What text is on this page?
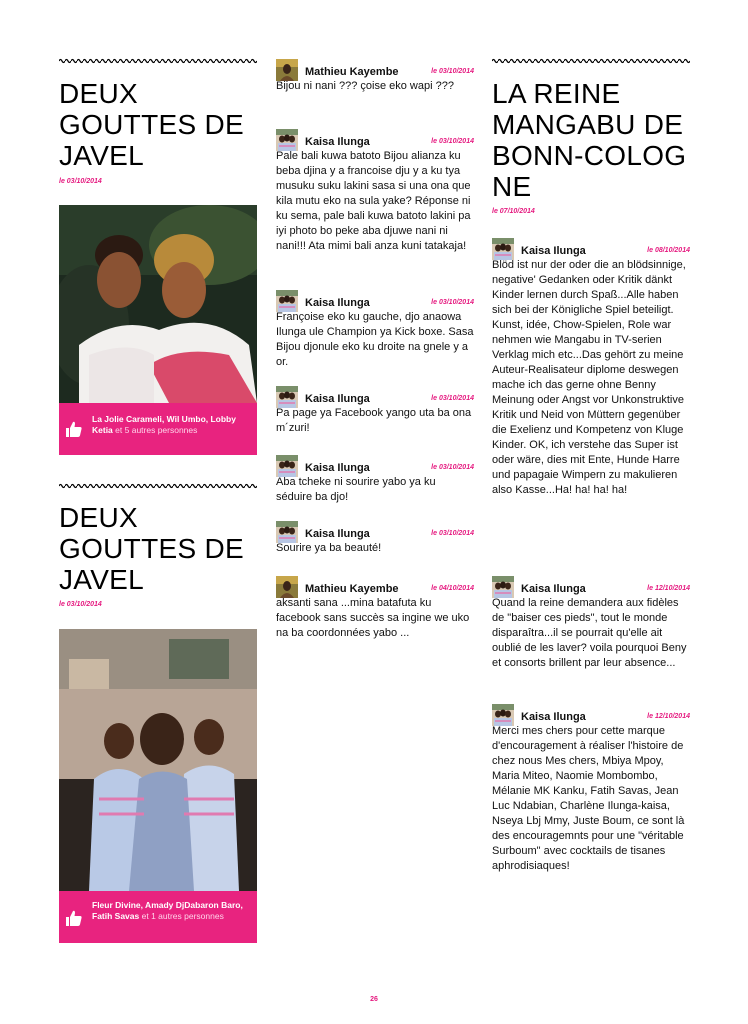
DEUX
GOUTTES DE
JAVEL
le 03/10/2014
La Jolie Carameli, Wil Umbo, Lobby Ketia et 5 autres personnes
DEUX
GOUTTES DE
JAVEL
le 03/10/2014
Fleur Divine, Amady DjDabaron Baro, Fatih Savas et 1 autres personnes
Mathieu Kayembe	le 03/10/2014
Bijou ni nani ??? çoise eko wapi ???
Kaisa Ilunga	le 03/10/2014
Pale bali kuwa batoto Bijou alianza ku beba djina y a francoise dju y a ku tya musuku suku lakini sasa si una ona que kila mutu eko na sula yake? Réponse ni ku sema, pale bali kuwa batoto lakini pa iyi photo bo peke aba djuwe nani ni nani!!! Ata mimi bali anza kuni tatakaja!
Kaisa Ilunga	le 03/10/2014
Françoise eko ku gauche, djo anaowa Ilunga ule Champion ya Kick boxe. Sasa Bijou djonule eko ku droite na gnele y a or.
Kaisa Ilunga	le 03/10/2014
Pa page ya Facebook yango uta ba ona m´zuri!
Kaisa Ilunga	le 03/10/2014
Aba tcheke ni sourire yabo ya ku séduire ba djo!
Kaisa Ilunga	le 03/10/2014
Sourire ya ba beauté!
Mathieu Kayembe	le 04/10/2014
aksanti sana ...mina batafuta ku facebook sans succès sa ingine we uko na ba coordonnées yabo ...
LA REINE
MANGABU DE
BONN-COLOG
NE
le 07/10/2014
Kaisa Ilunga	le 08/10/2014
Blöd ist nur der oder die an blödsinnige, negative' Gedanken oder Kritik dänkt Kinder lernen durch Spaß...Alle haben sich bei der Königliche Spiel beteiligt. Kunst, idée, Chow-Spielen, Role war nehmen wie Mangabu in TV-serien Verklag mich etc...Das gehört zu meine Auteur-Realisateur diplome deswegen mache ich das gerne ohne Benny Meinung oder Angst vor Unkonstruktive Kritik und Neid von Müttern gegenüber die Exelienz und Kompetenz von Kluge Kinder. OK, ich verstehe das Super ist oder wäre, dies mit Ente, Hunde Harre und papagaie Wimpern zu makulieren also Kasse...Ha! ha! ha! ha!
Kaisa Ilunga	le 12/10/2014
Quand la reine demandera aux fidèles de "baiser ces pieds", tout le monde disparaîtra...il se pourrait qu'elle ait oublié de les laver? voila pourquoi Beny et consorts brillent par leur absence...
Kaisa Ilunga	le 12/10/2014
Merci mes chers pour cette marque d'encouragement à réaliser l'histoire de chez nous Mes chers, Mbiya Mpoy, Maria Miteo, Naomie Mombombo, Mélanie MK Kanku, Fatih Savas, Jean Luc Ndabian, Charlène Ilunga-kaisa, Nseya Lbj Mmy, Juste Boum, ce sont là des encouragemnts pour une "véritable Surboum" avec cocktails de tisanes aphrodisiaques!
26
